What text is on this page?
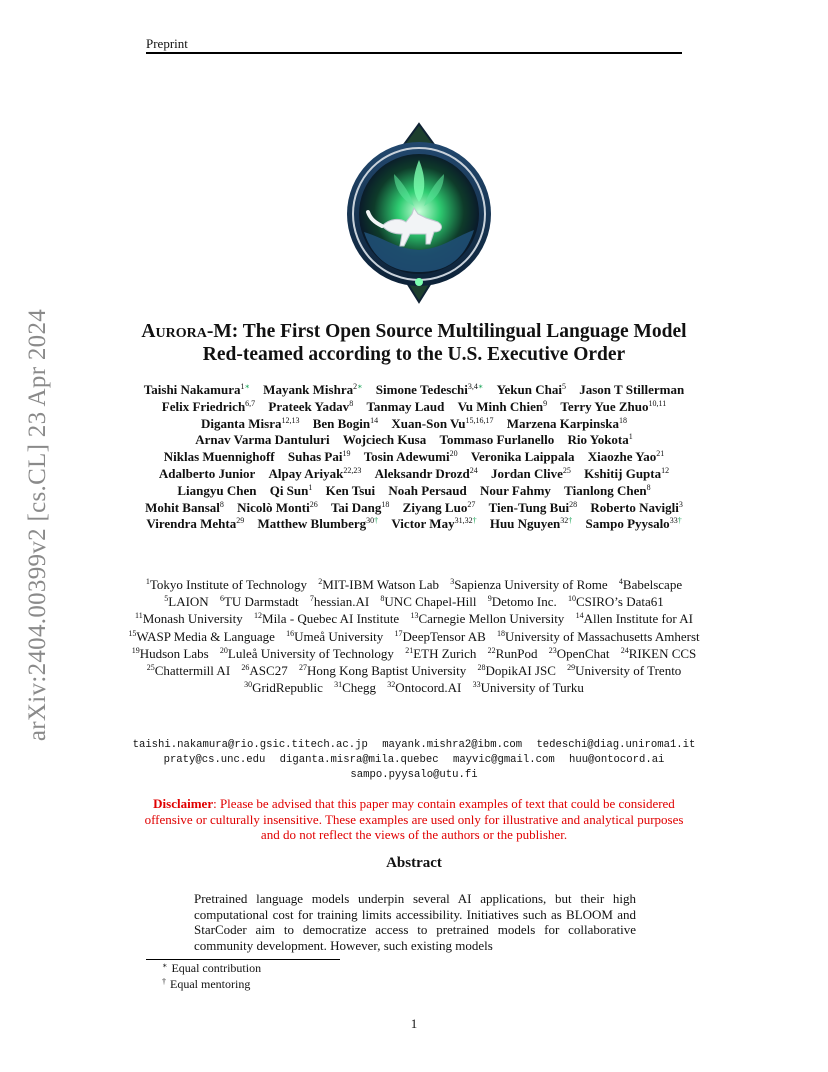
Preprint
arXiv:2404.00399v2 [cs.CL] 23 Apr 2024	Aurora-M: The First Open Source Multilingual Language Model Red-teamed according to the U.S. Executive Order
Taishi Nakamura$^{1∗}$ Mayank Mishra$^{2∗}$ Simone Tedeschi$^{3,4∗}$ Yekun Chai$^5$ Jason T Stillerman Felix Friedrich$^{6,7}$ Prateek Yadav$^8$ Tanmay Laud Vu Minh Chien$^9$ Terry Yue Zhuo$^{10,11}$ Diganta Misra$^{12,13}$ Ben Bogin$^{14}$ Xuan-Son Vu$^{15,16,17}$ Marzena Karpinska$^{18}$ Arnav Varma Dantuluri Wojciech Kusa Tommaso Furlanello Rio Yokota$^1$ Niklas Muennighoff Suhas Pai$^{19}$ Tosin Adewumi$^{20}$ Veronika Laippala Xiaozhe Yao$^{21}$ Adalberto Junior Alpay Ariyak$^{22,23}$ Aleksandr Drozd$^{24}$ Jordan Clive$^{25}$ Kshitij Gupta$^{12}$ Liangyu Chen Qi Sun$^1$ Ken Tsui Noah Persaud Nour Fahmy Tianlong Chen$^8$ Mohit Bansal$^8$ Nicolò Monti$^{26}$ Tai Dang$^{18}$ Ziyang Luo$^{27}$ Tien-Tung Bui$^{28}$ Roberto Navigli$^3$ Virendra Mehta$^{29}$ Matthew Blumberg$^{30\dagger}$ Victor May$^{31,32\dagger}$ Huu Nguyen$^{32\dagger}$ Sampo Pyysalo$^{33\dagger}$
$^1$Tokyo Institute of Technology $^2$MIT-IBM Watson Lab $^3$Sapienza University of Rome $^4$Babelscape $^5$LAION $^6$TU Darmstadt $^7$hessian.AI $^8$UNC Chapel-Hill $^9$Detomo Inc. $^{10}$CSIRO’s Data61 $^{11}$Monash University $^{12}$Mila - Quebec AI Institute $^{13}$Carnegie Mellon University $^{14}$Allen Institute for AI $^{15}$WASP Media & Language $^{16}$Umeå University $^{17}$DeepTensor AB $^{18}$University of Massachusetts Amherst $^{19}$Hudson Labs $^{20}$Luleå University of Technology $^{21}$ETH Zurich $^{22}$RunPod $^{23}$OpenChat $^{24}$RIKEN CCS $^{25}$Chattermill AI $^{26}$ASC27 $^{27}$Hong Kong Baptist University $^{28}$DopikAI JSC $^{29}$University of Trento $^{30}$GridRepublic $^{31}$Chegg $^{32}$Ontocord.AI $^{33}$University of Turku
taishi.nakamura@rio.gsic.titech.ac.jp mayank.mishra2@ibm.com tedeschi@diag.uniroma1.it praty@cs.unc.edu diganta.misra@mila.quebec mayvic@gmail.com huu@ontocord.ai sampo.pyysalo@utu.fi
Disclaimer: Please be advised that this paper may contain examples of text that could be considered offensive or culturally insensitive. These examples are used only for illustrative and analytical purposes and do not reflect the views of the authors or the publisher.
Abstract
Pretrained language models underpin several AI applications, but their high computational cost for training limits accessibility. Initiatives such as BLOOM and StarCoder aim to democratize access to pretrained models for collaborative community development. However, such existing models
∗ Equal contribution
† Equal mentoring
1
